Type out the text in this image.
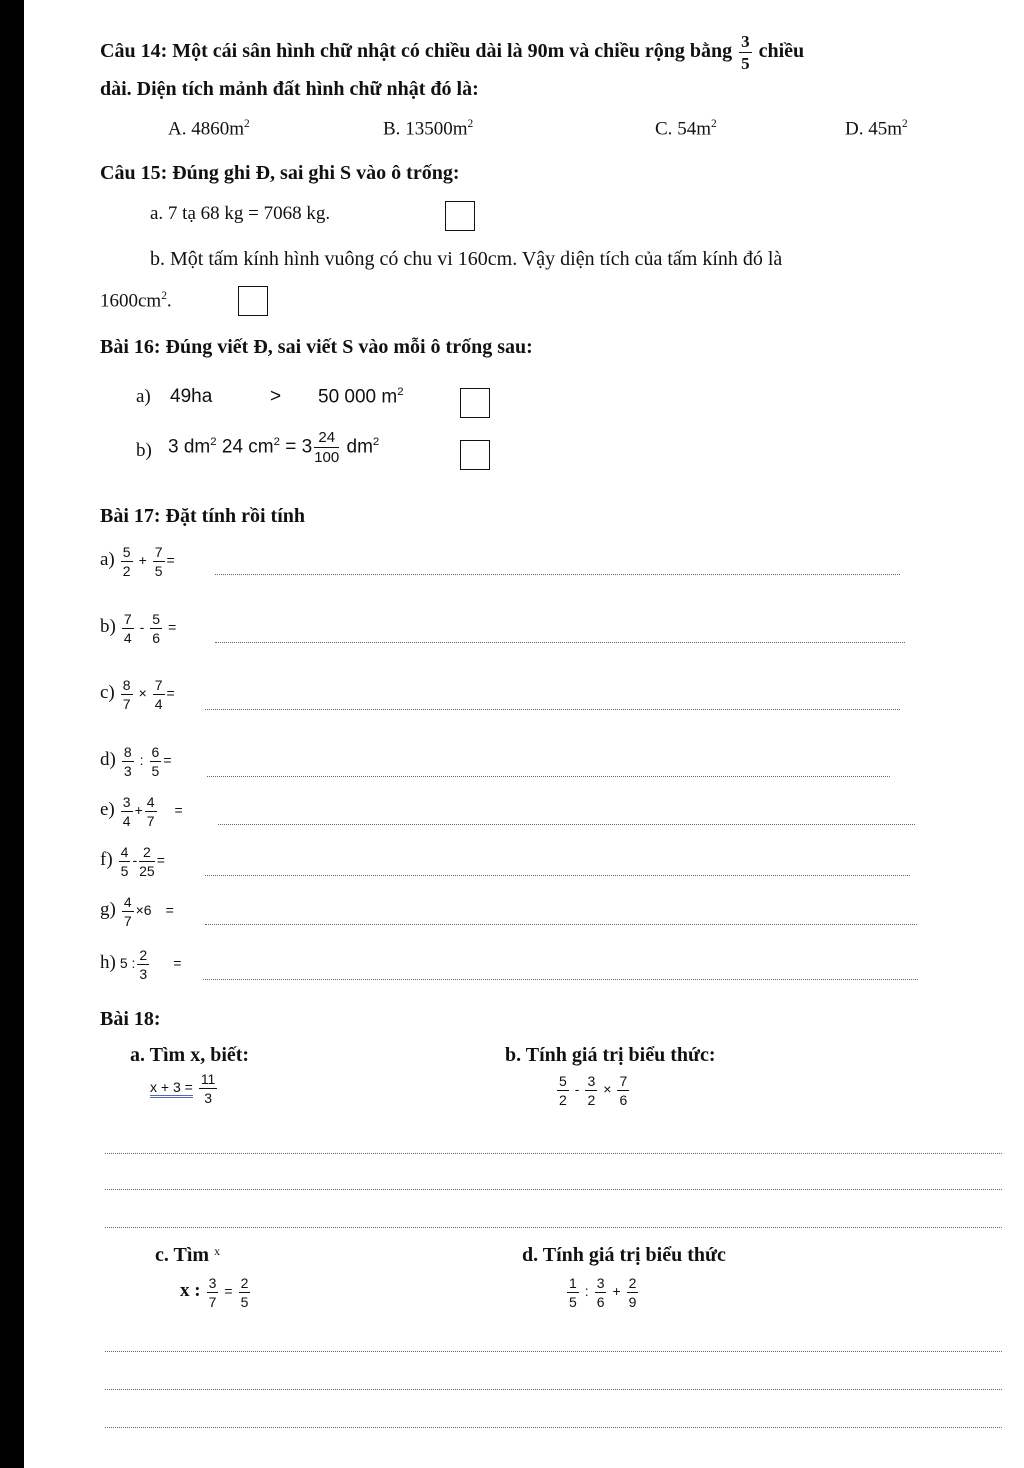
Câu 14: Một cái sân hình chữ nhật có chiều dài là 90m và chiều rộng bằng $\frac{3}{5}$ chiều
dài. Diện tích mảnh đất hình chữ nhật đó là:
A. $4860m^2$	B. $13500m^2$	C. $54m^2$	D. $45m^2$
Câu 15: Đúng ghi Đ, sai ghi S vào ô trống:
a. 7 tạ 68 kg = 7068 kg.
b. Một tấm kính hình vuông có chu vi 160cm. Vậy diện tích của tấm kính đó là
$1600cm^2$.
Bài 16: Đúng viết Đ, sai viết S vào mỗi ô trống sau:
a) 49ha	> 50 000 $m^2$
b) 3 $dm^2$ 24 $cm^2 = 3 \frac{24}{100} dm^2$
Bài 17: Đặt tính rồi tính
$a) \frac{5}{2} + \frac{7}{5}$ =
$b) \frac{7}{4} - \frac{5}{6}$ =
$c) \frac{8}{7} \times \frac{7}{4}$ =
$d) \frac{8}{3}$ : $\frac{6}{5}$ =
$e) \frac{3}{4} + \frac{4}{7}$ =
$f) \frac{4}{5} - \frac{2}{25}$ =
$g) \frac{4}{7} \times 6$ =
h) 5 : $\frac{2}{3}$ =
Bài 18:
a. Tìm x, biết:
$x + 3 = \frac{11}{3}$
b. Tính giá trị biểu thức:
$\frac{5}{2} - \frac{3}{2} \times \frac{7}{6}$
c. Tìm $^x$
x : $\frac{3}{7} = \frac{2}{5}$
d. Tính giá trị biểu thức
$\frac{1}{5}$ : $\frac{3}{6} + \frac{2}{9}$
